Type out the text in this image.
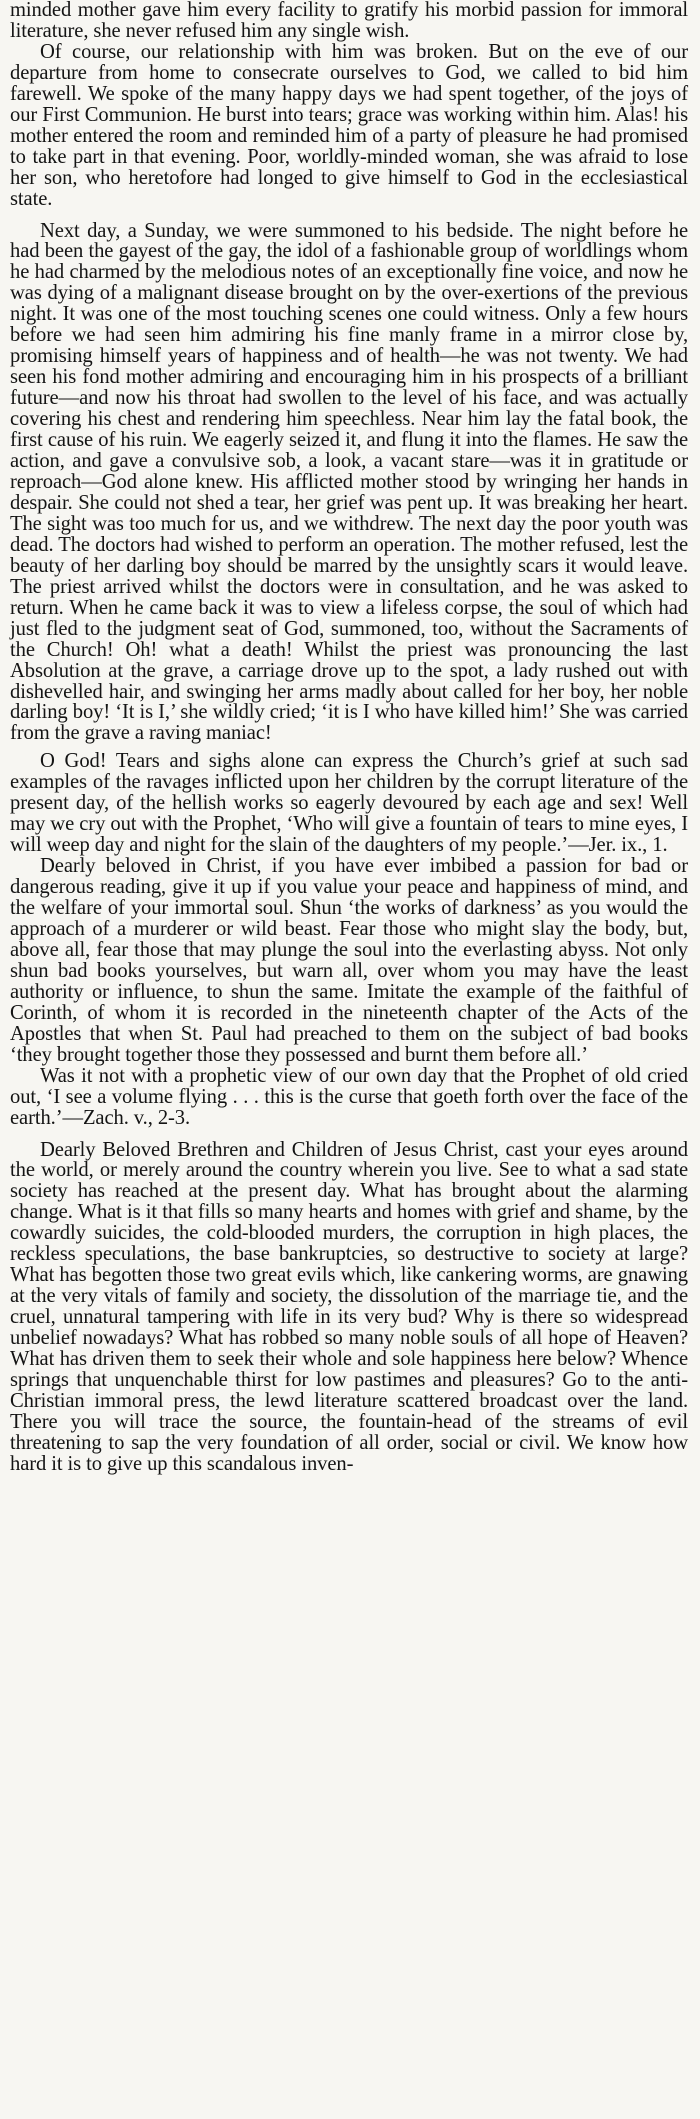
minded mother gave him every facility to gratify his morbid passion for immoral literature, she never refused him any single wish.

Of course, our relationship with him was broken. But on the eve of our departure from home to consecrate ourselves to God, we called to bid him farewell. We spoke of the many happy days we had spent together, of the joys of our First Communion. He burst into tears; grace was working within him. Alas! his mother entered the room and reminded him of a party of pleasure he had promised to take part in that evening. Poor, worldly-minded woman, she was afraid to lose her son, who heretofore had longed to give himself to God in the ecclesiastical state.

Next day, a Sunday, we were summoned to his bedside. The night before he had been the gayest of the gay, the idol of a fashionable group of worldlings whom he had charmed by the melodious notes of an exceptionally fine voice, and now he was dying of a malignant disease brought on by the over-exertions of the previous night. It was one of the most touching scenes one could witness. Only a few hours before we had seen him admiring his fine manly frame in a mirror close by, promising himself years of happiness and of health—he was not twenty. We had seen his fond mother admiring and encouraging him in his prospects of a brilliant future—and now his throat had swollen to the level of his face, and was actually covering his chest and rendering him speechless. Near him lay the fatal book, the first cause of his ruin. We eagerly seized it, and flung it into the flames. He saw the action, and gave a convulsive sob, a look, a vacant stare—was it in gratitude or reproach—God alone knew. His afflicted mother stood by wringing her hands in despair. She could not shed a tear, her grief was pent up. It was breaking her heart. The sight was too much for us, and we withdrew. The next day the poor youth was dead. The doctors had wished to perform an operation. The mother refused, lest the beauty of her darling boy should be marred by the unsightly scars it would leave. The priest arrived whilst the doctors were in consultation, and he was asked to return. When he came back it was to view a lifeless corpse, the soul of which had just fled to the judgment seat of God, summoned, too, without the Sacraments of the Church! Oh! what a death! Whilst the priest was pronouncing the last Absolution at the grave, a carriage drove up to the spot, a lady rushed out with dishevelled hair, and swinging her arms madly about called for her boy, her noble darling boy! ‘It is I,’ she wildly cried; ‘it is I who have killed him!’ She was carried from the grave a raving maniac!

O God! Tears and sighs alone can express the Church’s grief at such sad examples of the ravages inflicted upon her children by the corrupt literature of the present day, of the hellish works so eagerly devoured by each age and sex! Well may we cry out with the Prophet, ‘Who will give a fountain of tears to mine eyes, I will weep day and night for the slain of the daughters of my people.’—Jer. ix., 1.

Dearly beloved in Christ, if you have ever imbibed a passion for bad or dangerous reading, give it up if you value your peace and happiness of mind, and the welfare of your immortal soul. Shun ‘the works of darkness’ as you would the approach of a murderer or wild beast. Fear those who might slay the body, but, above all, fear those that may plunge the soul into the everlasting abyss. Not only shun bad books yourselves, but warn all, over whom you may have the least authority or influence, to shun the same. Imitate the example of the faithful of Corinth, of whom it is recorded in the nineteenth chapter of the Acts of the Apostles that when St. Paul had preached to them on the subject of bad books ‘they brought together those they possessed and burnt them before all.’

Was it not with a prophetic view of our own day that the Prophet of old cried out, ‘I see a volume flying . . . this is the curse that goeth forth over the face of the earth.’—Zach. v., 2-3.

Dearly Beloved Brethren and Children of Jesus Christ, cast your eyes around the world, or merely around the country wherein you live. See to what a sad state society has reached at the present day. What has brought about the alarming change. What is it that fills so many hearts and homes with grief and shame, by the cowardly suicides, the cold-blooded murders, the corruption in high places, the reckless speculations, the base bankruptcies, so destructive to society at large? What has begotten those two great evils which, like cankering worms, are gnawing at the very vitals of family and society, the dissolution of the marriage tie, and the cruel, unnatural tampering with life in its very bud? Why is there so widespread unbelief nowadays? What has robbed so many noble souls of all hope of Heaven? What has driven them to seek their whole and sole happiness here below? Whence springs that unquenchable thirst for low pastimes and pleasures? Go to the anti-Christian immoral press, the lewd literature scattered broadcast over the land. There you will trace the source, the fountain-head of the streams of evil threatening to sap the very foundation of all order, social or civil. We know how hard it is to give up this scandalous inven-
